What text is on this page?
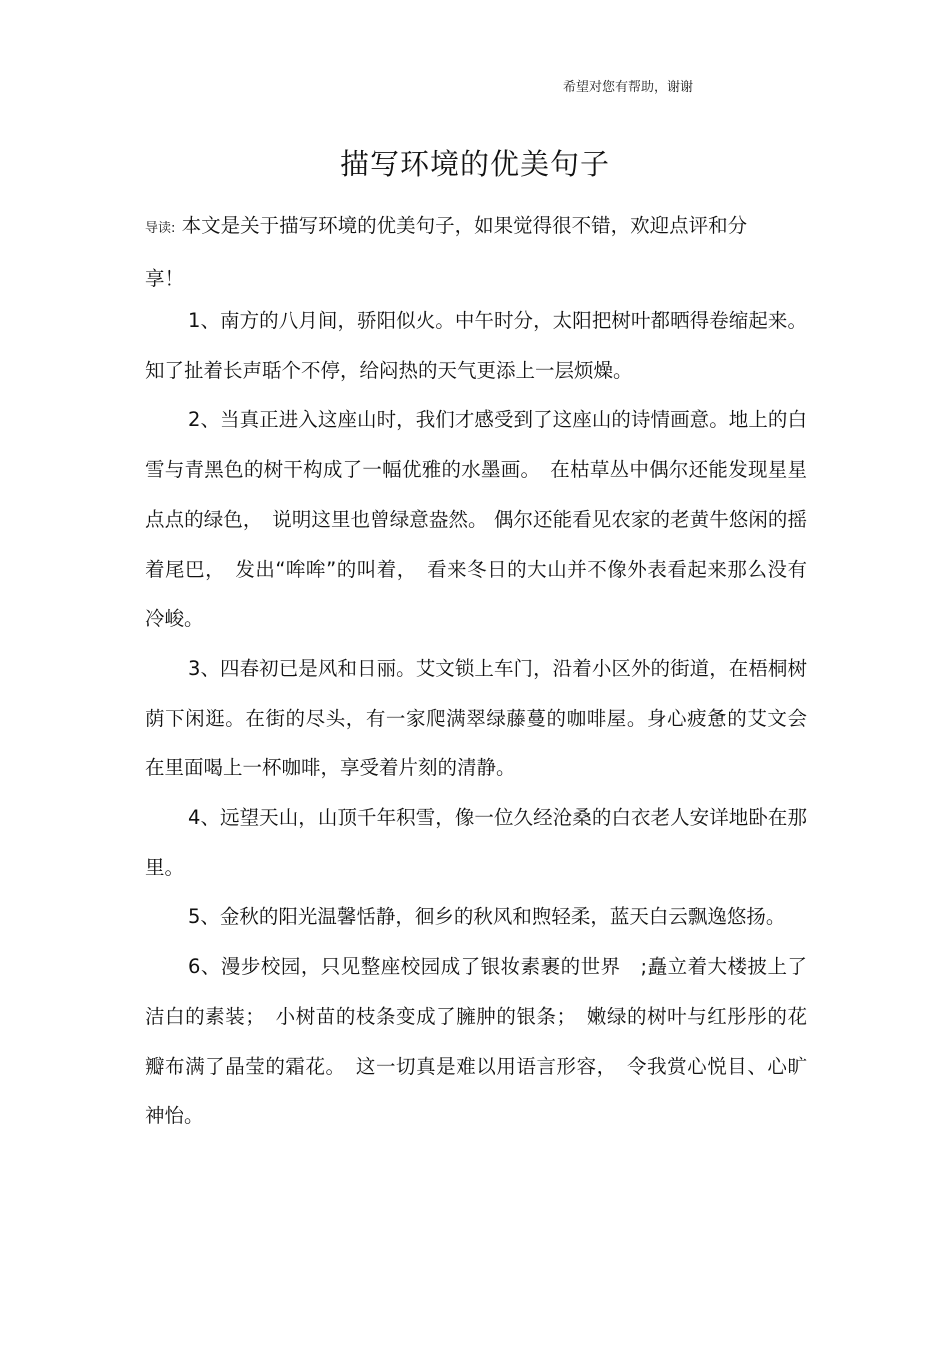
希望对您有帮助，谢谢
描写环境的优美句子
导读: 本文是关于描写环境的优美句子，如果觉得很不错，欢迎点评和分享！

1、南方的八月间，骄阳似火。中午时分，太阳把树叶都晒得卷缩起来。知了扯着长声聒个不停，给闷热的天气更添上一层烦燥。

2、当真正进入这座山时，我们才感受到了这座山的诗情画意。地上的白雪与青黑色的树干构成了一幅优雅的水墨画。　在枯草丛中偶尔还能发现星星点点的绿色，　说明这里也曾绿意盎然。 偶尔还能看见农家的老黄牛悠闲的摇着尾巴，　发出“哞哞”的叫着，　看来冬日的大山并不像外表看起来那么没有冷峻。

3、四春初已是风和日丽。艾文锁上车门，沿着小区外的街道，在梧桐树荫下闲逛。在街的尽头，有一家爬满翠绿藤蔓的咖啡屋。身心疲惫的艾文会在里面喝上一杯咖啡，享受着片刻的清静。

4、远望天山，山顶千年积雪，像一位久经沧桑的白衣老人安详地卧在那里。

5、金秋的阳光温馨恬静，徊乡的秋风和煦轻柔，蓝天白云飘逸悠扬。

6、漫步校园，只见整座校园成了银妆素裹的世界　;矗立着大楼披上了洁白的素装；　小树苗的枝条变成了臃肿的银条；　嫩绿的树叶与红彤彤的花瓣布满了晶莹的霜花。　这一切真是难以用语言形容，　令我赏心悦目、心旷神怡。
